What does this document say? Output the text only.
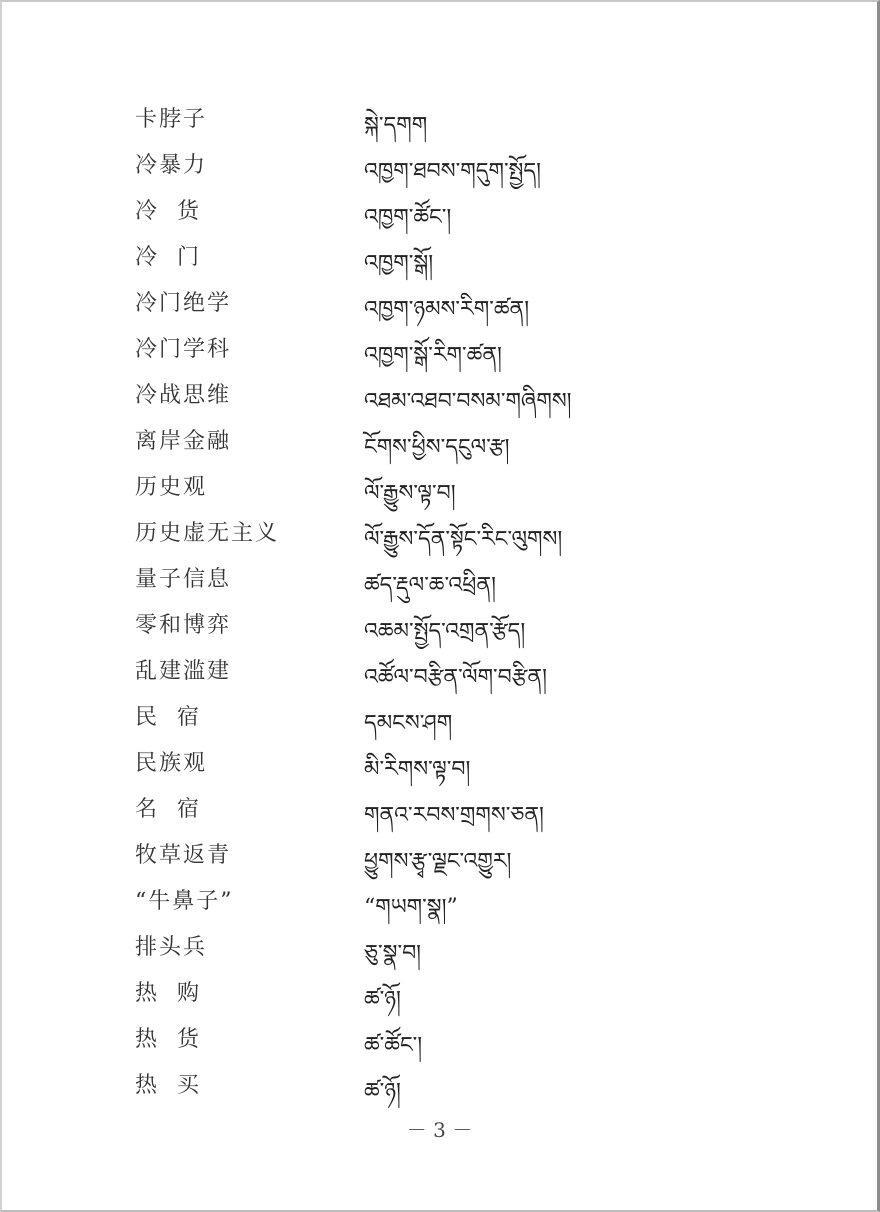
卡脖子	སྐེ་དགག
冷暴力	འཁྱག་ཐབས་གདུག་སྤྱོད།
冷  货	འཁྱག་ཚོང་།
冷  门	འཁྱག་སྒོ།
冷门绝学	འཁྱག་ཉམས་རིག་ཚན།
冷门学科	འཁྱག་སྒོ་རིག་ཚན།
冷战思维	འཐམ་འཐབ་བསམ་གཞིགས།
离岸金融	ངོགས་ཕྱིས་དངུལ་རྩ།
历史观	ལོ་རྒྱུས་ལྟ་བ།
历史虚无主义	ལོ་རྒྱུས་དོན་སྟོང་རིང་ལུགས།
量子信息	ཚད་རྡུལ་ཆ་འཕྲིན།
零和博弈	འཆམ་སྤྱོད་འགྲན་རྩོད།
乱建滥建	འཚོལ་བརྩིན་ལོག་བརྩིན།
民  宿	དམངས་ཤག
民族观	མི་རིགས་ལྟ་བ།
名  宿	གནའ་རབས་གྲགས་ཅན།
牧草返青	ཕྱུགས་རྩྭ་ལྗང་འགྱུར།
“牛鼻子”	“གཡག་སྣ།”
排头兵	ཅུ་སྣ་བ།
热  购	ཚ་ཉོ།
热  货	ཚ་ཚོང་།
热  买	ཚ་ཉོ།
－ 3 －
